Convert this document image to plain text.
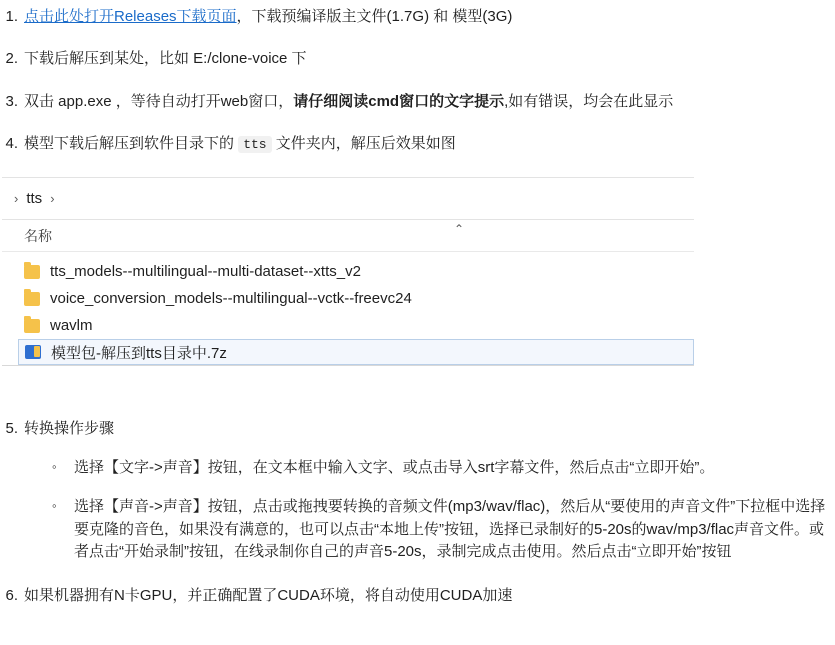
1. 点击此处打开Releases下载页面，下载预编译版主文件(1.7G) 和 模型(3G)
2. 下载后解压到某处，比如 E:/clone-voice 下
3. 双击 app.exe ，等待自动打开web窗口，请仔细阅读cmd窗口的文字提示,如有错误，均会在此显示
4. 模型下载后解压到软件目录下的 tts 文件夹内，解压后效果如图
› tts ›
名称	⌃
tts_models--multilingual--multi-dataset--xtts_v2
voice_conversion_models--multilingual--vctk--freevc24
wavlm
模型包-解压到tts目录中.7z
5. 转换操作步骤
◦	选择【文字->声音】按钮，在文本框中输入文字、或点击导入srt字幕文件，然后点击“立即开始”。
◦	选择【声音->声音】按钮，点击或拖拽要转换的音频文件(mp3/wav/flac)，然后从“要使用的声音文件”下拉框中选择要克隆的音色，如果没有满意的，也可以点击“本地上传”按钮，选择已录制好的5-20s的wav/mp3/flac声音文件。或者点击“开始录制”按钮，在线录制你自己的声音5-20s，录制完成点击使用。然后点击“立即开始”按钮
6. 如果机器拥有N卡GPU，并正确配置了CUDA环境，将自动使用CUDA加速
